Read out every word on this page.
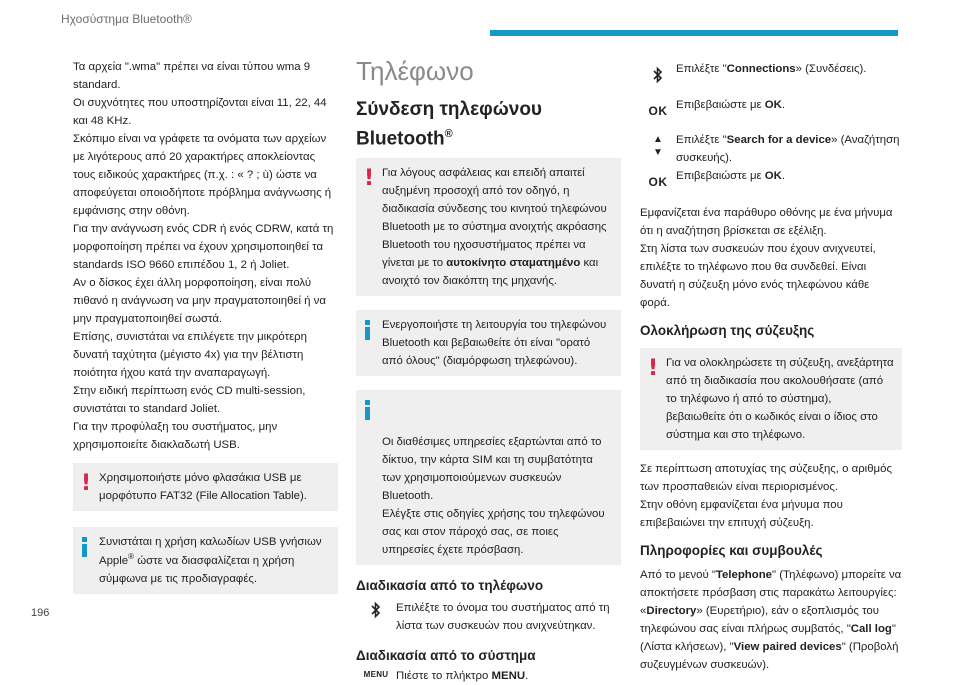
Ηχοσύστημα Bluetooth®

Τα αρχεία ".wma" πρέπει να είναι τύπου wma 9 standard.

Οι συχνότητες που υποστηρίζονται είναι 11, 22, 44 και 48 KHz.

Σκόπιμο είναι να γράφετε τα ονόματα των αρχείων με λιγότερους από 20 χαρακτήρες αποκλείοντας τους ειδικούς χαρακτήρες (π.χ. : « ? ; ù) ώστε να αποφεύγεται οποιοδήποτε πρόβλημα ανάγνωσης ή εμφάνισης στην οθόνη.

Για την ανάγνωση ενός CDR ή ενός CDRW, κατά τη μορφοποίηση πρέπει να έχουν χρησιμοποιηθεί τα standards ISO 9660 επιπέδου 1, 2 ή Joliet.

Αν ο δίσκος έχει άλλη μορφοποίηση, είναι πολύ πιθανό η ανάγνωση να μην πραγματοποιηθεί ή να μην πραγματοποιηθεί σωστά.

Επίσης, συνιστάται να επιλέγετε την μικρότερη δυνατή ταχύτητα (μέγιστο 4x) για την βέλτιστη ποιότητα ήχου κατά την αναπαραγωγή.

Στην ειδική περίπτωση ενός CD multi-session, συνιστάται το standard Joliet.

Για την προφύλαξη του συστήματος, μην χρησιμοποιείτε διακλαδωτή USB.

! Χρησιμοποιήστε μόνο φλασάκια USB με μορφότυπο FAT32 (File Allocation Table).
Συνιστάται η χρήση καλωδίων USB γνήσιων Apple® ώστε να διασφαλίζεται η χρήση σύμφωνα με τις προδιαγραφές.
Τηλέφωνο
Σύνδεση τηλεφώνου Bluetooth®
! Για λόγους ασφάλειας και επειδή απαιτεί αυξημένη προσοχή από τον οδηγό, η διαδικασία σύνδεσης του κινητού τηλεφώνου Bluetooth με το σύστημα ανοιχτής ακρόασης Bluetooth του ηχοσυστήματος πρέπει να γίνεται με το αυτοκίνητο σταματημένο και ανοιχτό τον διακόπτη της μηχανής.
Ενεργοποιήστε τη λειτουργία του τηλεφώνου Bluetooth και βεβαιωθείτε ότι είναι "ορατό από όλους" (διαμόρφωση τηλεφώνου).

Οι διαθέσιμες υπηρεσίες εξαρτώνται από το δίκτυο, την κάρτα SIM και τη συμβατότητα των χρησιμοποιούμενων συσκευών Bluetooth.
Ελέγξτε στις οδηγίες χρήσης του τηλεφώνου σας και στον πάροχό σας, σε ποιες υπηρεσίες έχετε πρόσβαση.

Διαδικασία από το τηλέφωνο
Επιλέξτε το όνομα του συστήματος από τη λίστα των συσκευών που ανιχνεύτηκαν.
Διαδικασία από το σύστημα
MENU Πιέστε το πλήκτρο MENU.
Επιλέξτε "Connections» (Συνδέσεις).
OK Επιβεβαιώστε με OK.
▲
▼
Επιλέξτε "Search for a device» (Αναζήτηση συσκευής).
OK Επιβεβαιώστε με OK.
Εμφανίζεται ένα παράθυρο οθόνης με ένα μήνυμα ότι η αναζήτηση βρίσκεται σε εξέλιξη.
Στη λίστα των συσκευών που έχουν ανιχνευτεί, επιλέξτε το τηλέφωνο που θα συνδεθεί. Είναι δυνατή η σύζευξη μόνο ενός τηλεφώνου κάθε φορά.
Ολοκλήρωση της σύζευξης
! Για να ολοκληρώσετε τη σύζευξη, ανεξάρτητα από τη διαδικασία που ακολουθήσατε (από το τηλέφωνο ή από το σύστημα), βεβαιωθείτε ότι ο κωδικός είναι ο ίδιος στο σύστημα και στο τηλέφωνο.
Σε περίπτωση αποτυχίας της σύζευξης, ο αριθμός των προσπαθειών είναι περιορισμένος.
Στην οθόνη εμφανίζεται ένα μήνυμα που επιβεβαιώνει την επιτυχή σύζευξη.
Πληροφορίες και συμβουλές
Από το μενού "Telephone" (Τηλέφωνο) μπορείτε να αποκτήσετε πρόσβαση στις παρακάτω λειτουργίες: «Directory» (Ευρετήριο), εάν ο εξοπλισμός του τηλεφώνου σας είναι πλήρως συμβατός, "Call log" (Λίστα κλήσεων), "View paired devices" (Προβολή συζευγμένων συσκευών).
196
